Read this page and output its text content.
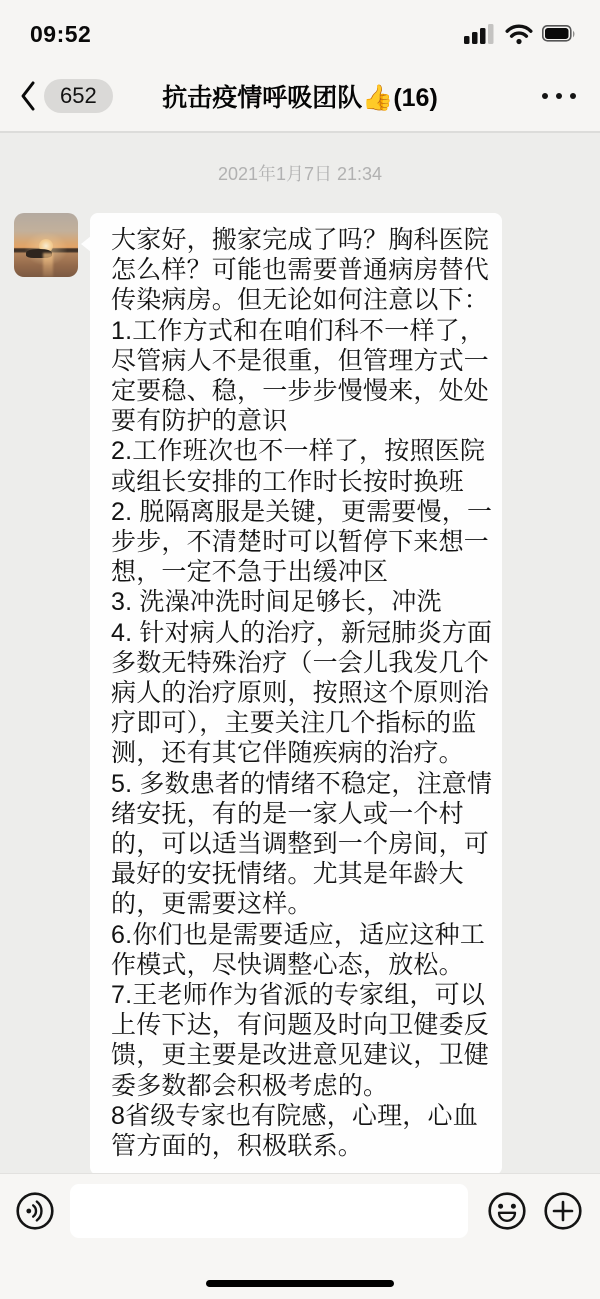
09:52
抗击疫情呼吸团队👍(16)
652
2021年1月7日 21:34
大家好，搬家完成了吗？胸科医院
怎么样？可能也需要普通病房替代
传染病房。但无论如何注意以下：
1.工作方式和在咱们科不一样了，
尽管病人不是很重，但管理方式一
定要稳、稳，一步步慢慢来，处处
要有防护的意识
2.工作班次也不一样了，按照医院
或组长安排的工作时长按时换班
2. 脱隔离服是关键，更需要慢，一
步步，不清楚时可以暂停下来想一
想，一定不急于出缓冲区
3. 洗澡冲洗时间足够长，冲洗
4. 针对病人的治疗，新冠肺炎方面
多数无特殊治疗（一会儿我发几个
病人的治疗原则，按照这个原则治
疗即可），主要关注几个指标的监
测，还有其它伴随疾病的治疗。
5. 多数患者的情绪不稳定，注意情
绪安抚，有的是一家人或一个村
的，可以适当调整到一个房间，可
最好的安抚情绪。尤其是年龄大
的，更需要这样。
6.你们也是需要适应，适应这种工
作模式，尽快调整心态，放松。
7.王老师作为省派的专家组，可以
上传下达，有问题及时向卫健委反
馈，更主要是改进意见建议，卫健
委多数都会积极考虑的。
8省级专家也有院感，心理，心血
管方面的，积极联系。
